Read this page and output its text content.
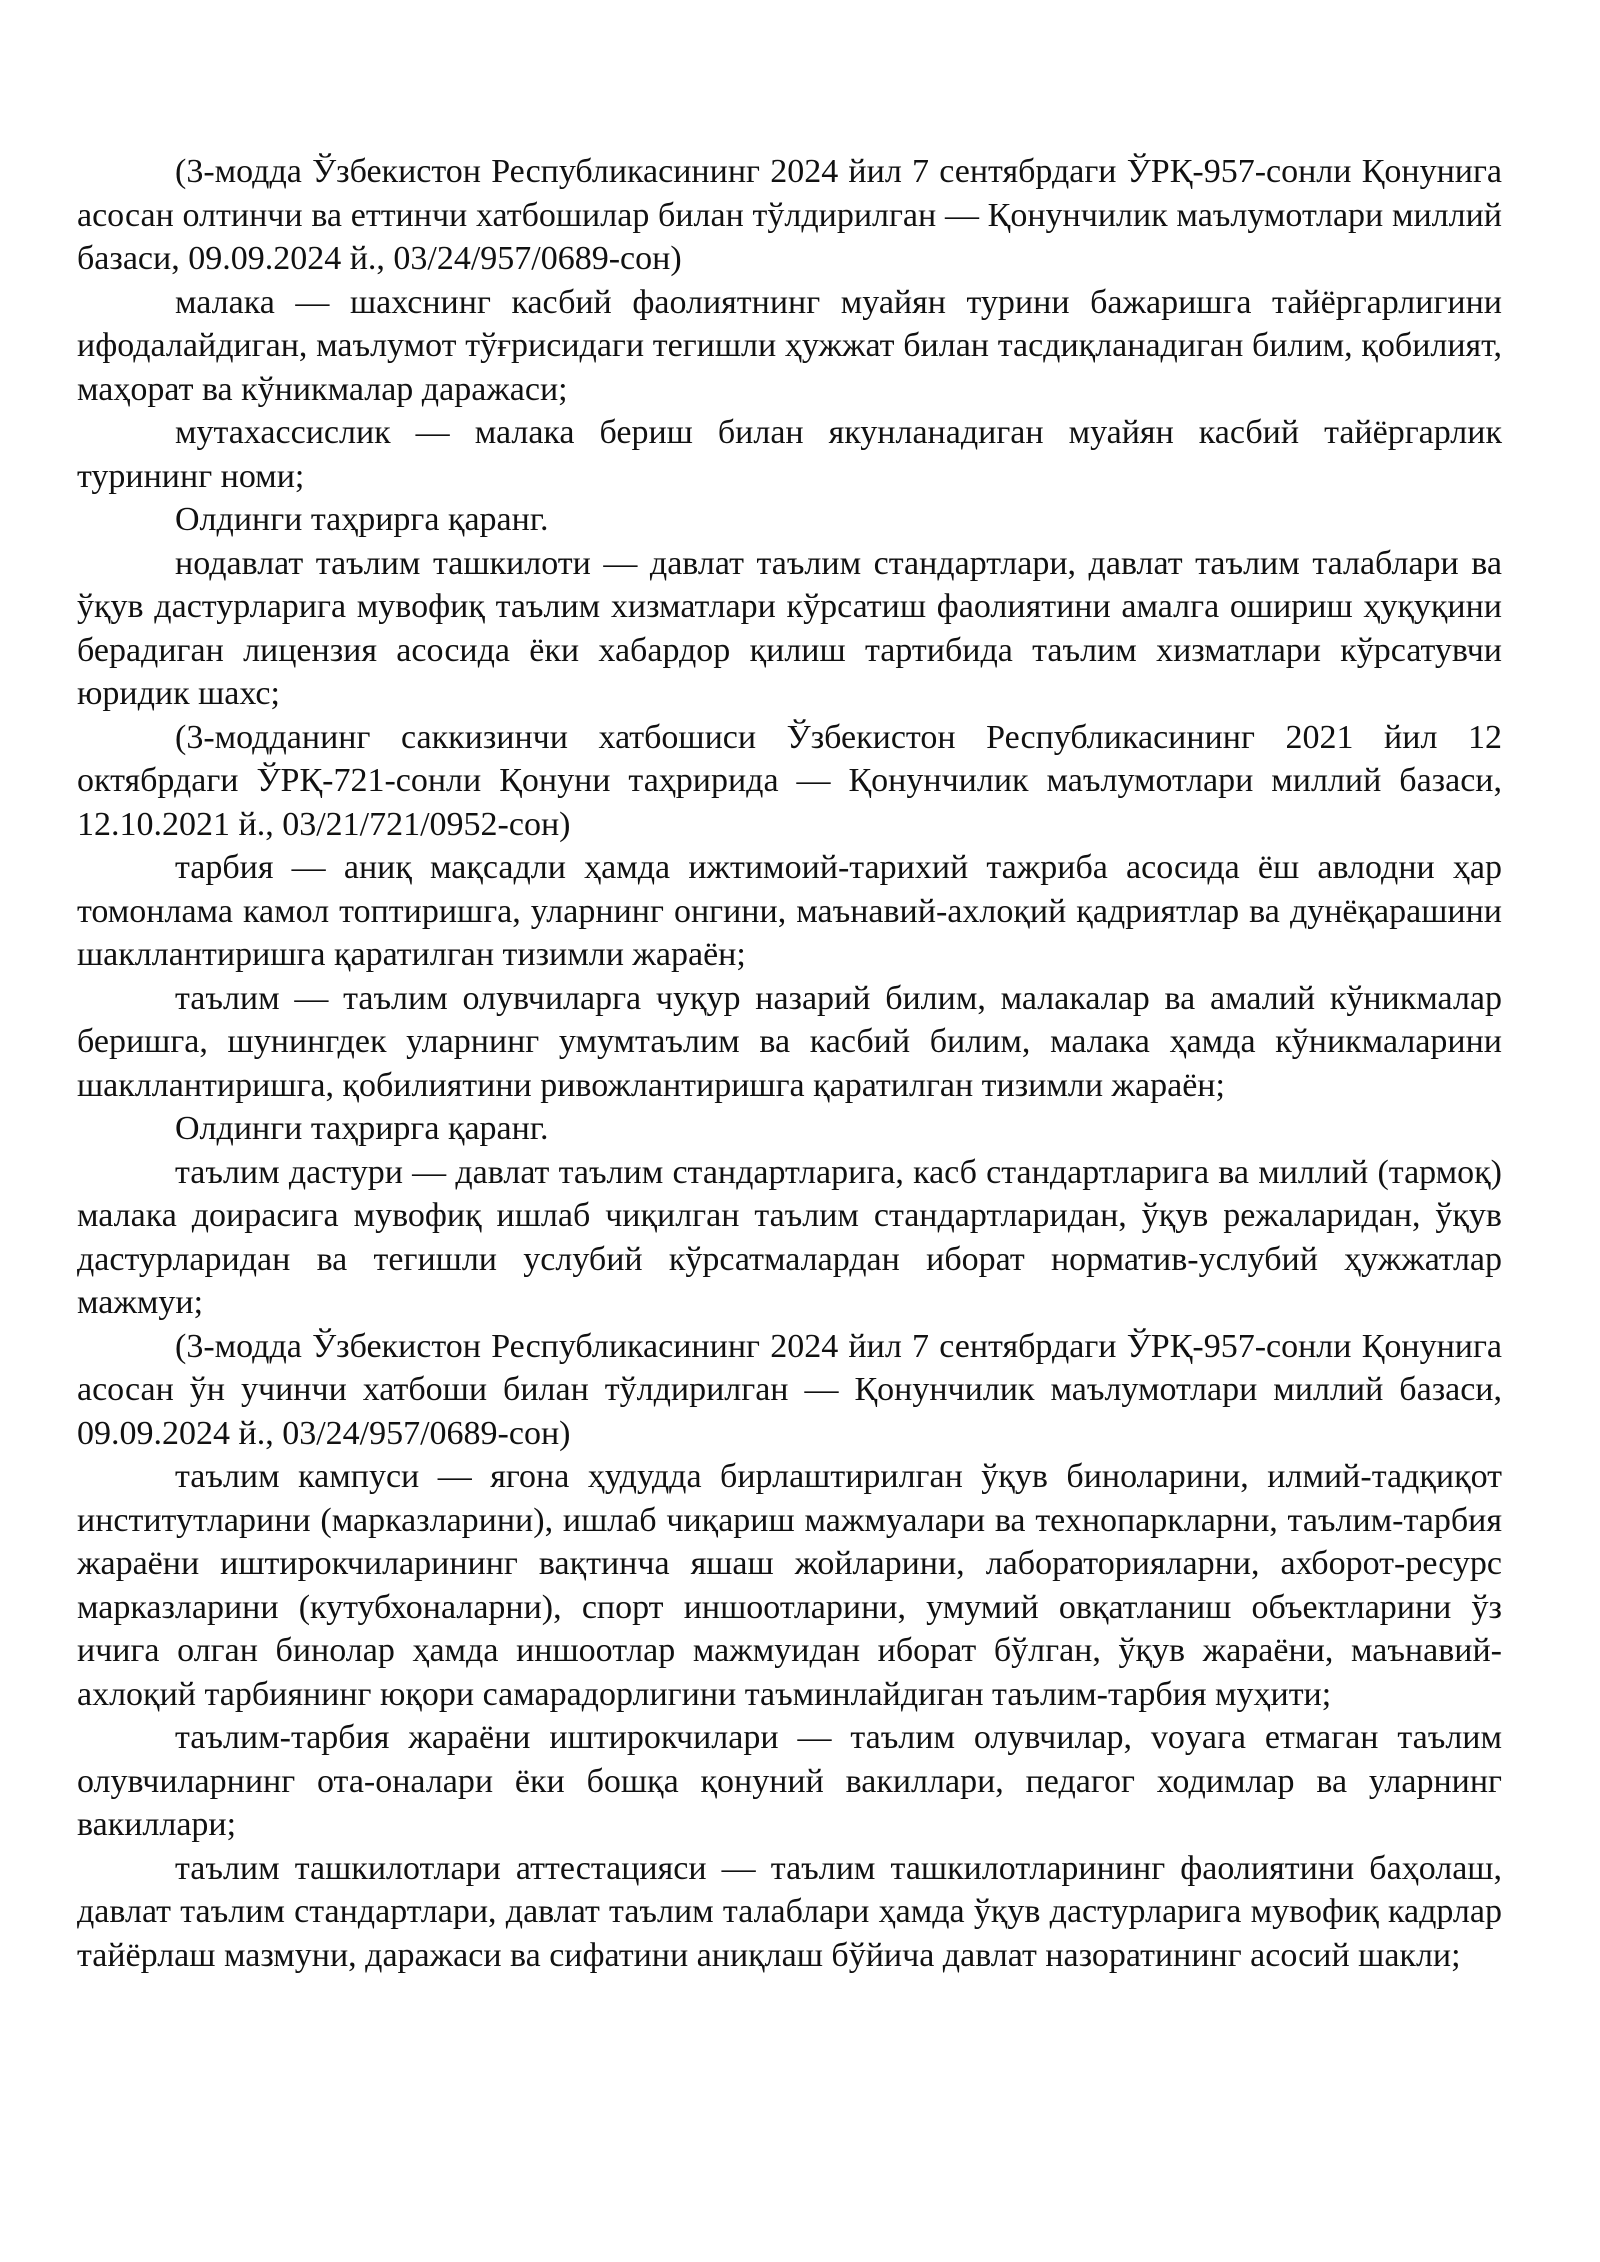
(3-модда Ўзбекистон Республикасининг 2024 йил 7 сентябрдаги ЎРҚ-957-сонли Қонунига асосан олтинчи ва еттинчи хатбошилар билан тўлдирилган — Қонунчилик маълумотлари миллий базаси, 09.09.2024 й., 03/24/957/0689-сон)

малака — шахснинг касбий фаолиятнинг муайян турини бажаришга тайёргарлигини ифодалайдиган, маълумот тўғрисидаги тегишли ҳужжат билан тасдиқланадиган билим, қобилият, маҳорат ва кўникмалар даражаси;

мутахассислик — малака бериш билан якунланадиган муайян касбий тайёргарлик турининг номи;

Олдинги таҳрирга қаранг.

нодавлат таълим ташкилоти — давлат таълим стандартлари, давлат таълим талаблари ва ўқув дастурларига мувофиқ таълим хизматлари кўрсатиш фаолиятини амалга ошириш ҳуқуқини берадиган лицензия асосида ёки хабардор қилиш тартибида таълим хизматлари кўрсатувчи юридик шахс;

(3-модданинг саккизинчи хатбошиси Ўзбекистон Республикасининг 2021 йил 12 октябрдаги ЎРҚ-721-сонли Қонуни таҳририда — Қонунчилик маълумотлари миллий базаси, 12.10.2021 й., 03/21/721/0952-сон)

тарбия — аниқ мақсадли ҳамда ижтимоий-тарихий тажриба асосида ёш авлодни ҳар томонлама камол топтиришга, уларнинг онгини, маънавий-ахлоқий қадриятлар ва дунёқарашини шакллантиришга қаратилган тизимли жараён;

таълим — таълим олувчиларга чуқур назарий билим, малакалар ва амалий кўникмалар беришга, шунингдек уларнинг умумтаълим ва касбий билим, малака ҳамда кўникмаларини шакллантиришга, қобилиятини ривожлантиришга қаратилган тизимли жараён;

Олдинги таҳрирга қаранг.

таълим дастури — давлат таълим стандартларига, касб стандартларига ва миллий (тармоқ) малака доирасига мувофиқ ишлаб чиқилган таълим стандартларидан, ўқув режаларидан, ўқув дастурларидан ва тегишли услубий кўрсатмалардан иборат норматив-услубий ҳужжатлар мажмуи;

(3-модда Ўзбекистон Республикасининг 2024 йил 7 сентябрдаги ЎРҚ-957-сонли Қонунига асосан ўн учинчи хатбоши билан тўлдирилган — Қонунчилик маълумотлари миллий базаси, 09.09.2024 й., 03/24/957/0689-сон)

таълим кампуси — ягона ҳудудда бирлаштирилган ўқув биноларини, илмий-тадқиқот институтларини (марказларини), ишлаб чиқариш мажмуалари ва технопаркларни, таълим-тарбия жараёни иштирокчиларининг вақтинча яшаш жойларини, лабораторияларни, ахборот-ресурс марказларини (кутубхоналарни), спорт иншоотларини, умумий овқатланиш объектларини ўз ичига олган бинолар ҳамда иншоотлар мажмуидан иборат бўлган, ўқув жараёни, маънавий-ахлоқий тарбиянинг юқори самарадорлигини таъминлайдиган таълим-тарбия муҳити;

таълим-тарбия жараёни иштирокчилари — таълим олувчилар, voyaга етмаган таълим олувчиларнинг ота-оналари ёки бошқа қонуний вакиллари, педагог ходимлар ва уларнинг вакиллари;

таълим ташкилотлари аттестацияси — таълим ташкилотларининг фаолиятини баҳолаш, давлат таълим стандартлари, давлат таълим талаблари ҳамда ўқув дастурларига мувофиқ кадрлар тайёрлаш мазмуни, даражаси ва сифатини аниқлаш бўйича давлат назоратининг асосий шакли;
